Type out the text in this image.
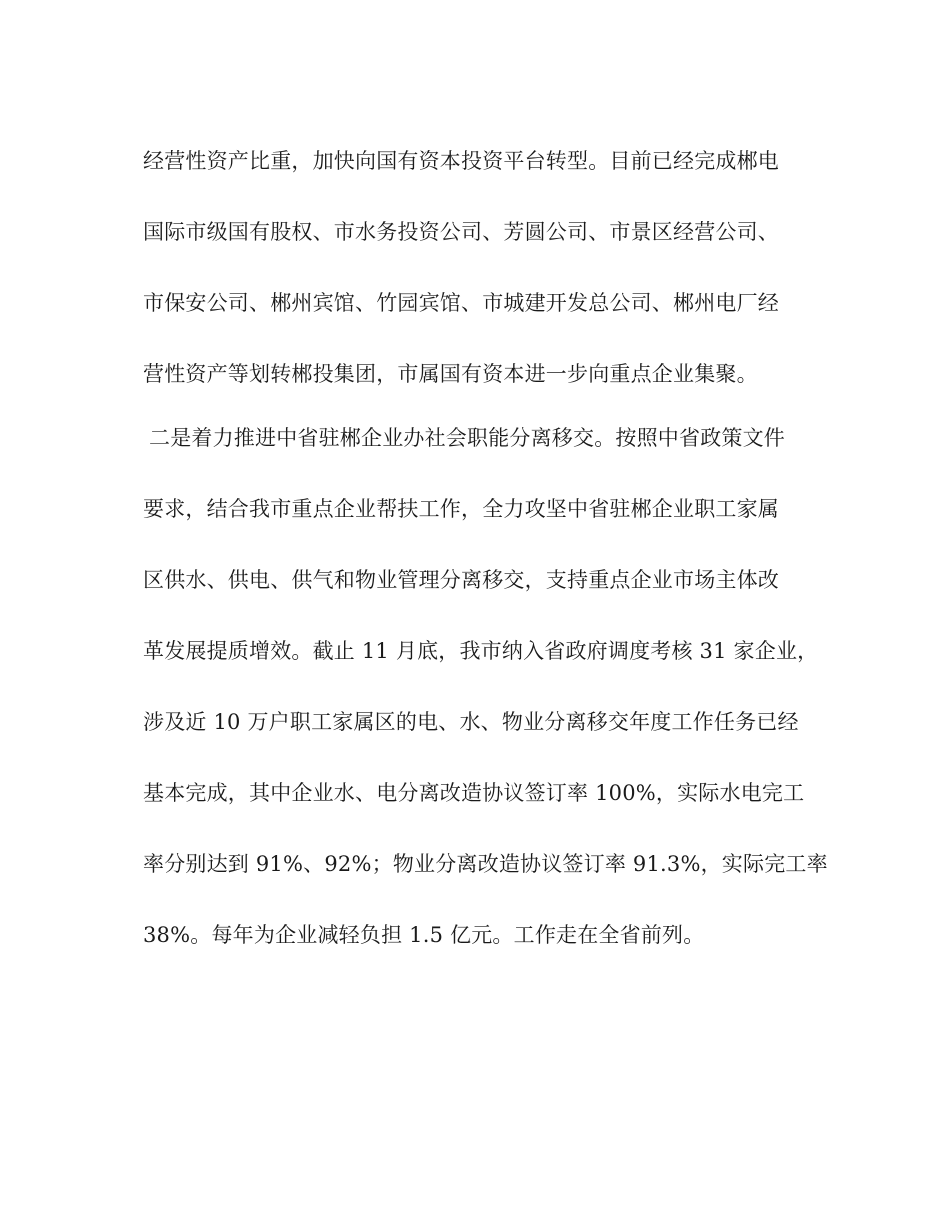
经营性资产比重，加快向国有资本投资平台转型。目前已经完成郴电
国际市级国有股权、市水务投资公司、芳圆公司、市景区经营公司、
市保安公司、郴州宾馆、竹园宾馆、市城建开发总公司、郴州电厂经
营性资产等划转郴投集团，市属国有资本进一步向重点企业集聚。
二是着力推进中省驻郴企业办社会职能分离移交。按照中省政策文件
要求，结合我市重点企业帮扶工作，全力攻坚中省驻郴企业职工家属
区供水、供电、供气和物业管理分离移交，支持重点企业市场主体改
革发展提质增效。截止 11 月底，我市纳入省政府调度考核 31 家企业，
涉及近 10 万户职工家属区的电、水、物业分离移交年度工作任务已经
基本完成，其中企业水、电分离改造协议签订率 100%，实际水电完工
率分别达到 91%、92%；物业分离改造协议签订率 91.3%，实际完工率
38%。每年为企业减轻负担 1.5 亿元。工作走在全省前列。
